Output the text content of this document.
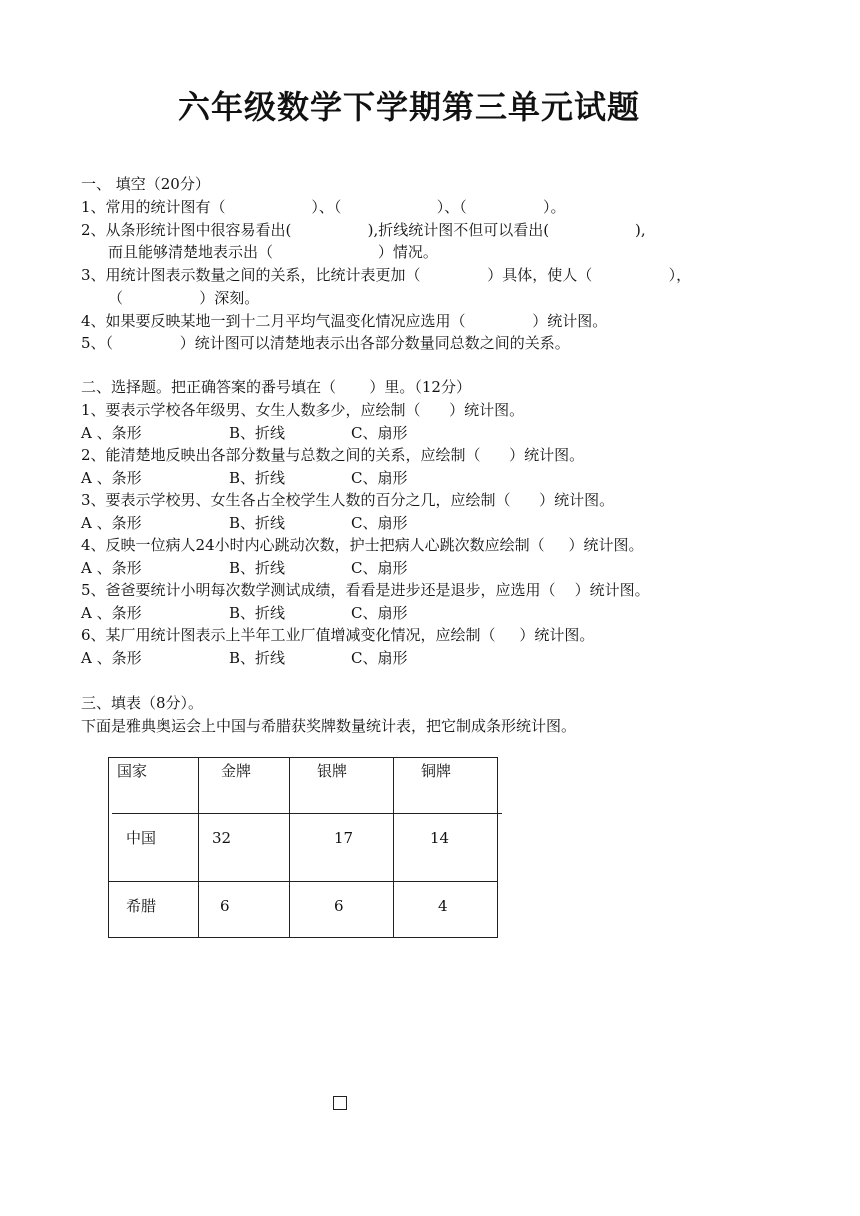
六年级数学下学期第三单元试题
一、 填空（20分）
1、常用的统计图有（                  ）、（                    ）、（                ）。
2、从条形统计图中很容易看出(                ),折线统计图不但可以看出(                  ),
而且能够清楚地表示出（                      ）情况。
3、用统计图表示数量之间的关系，比统计表更加（              ）具体，使人（                ），
（                ）深刻。
4、如果要反映某地一到十二月平均气温变化情况应选用（              ）统计图。
5、（              ）统计图可以清楚地表示出各部分数量同总数之间的关系。
二、选择题。把正确答案的番号填在（       ）里。（12分）
1、要表示学校各年级男、女生人数多少，应绘制（      ）统计图。
A 、条形	B、折线	C、扇形
2、能清楚地反映出各部分数量与总数之间的关系，应绘制（      ）统计图。
A 、条形	B、折线	C、扇形
3、要表示学校男、女生各占全校学生人数的百分之几，应绘制（      ）统计图。
A 、条形	B、折线	C、扇形
4、反映一位病人24小时内心跳动次数，护士把病人心跳次数应绘制（     ）统计图。
A 、条形	B、折线	C、扇形
5、爸爸要统计小明每次数学测试成绩，看看是进步还是退步，应选用（    ）统计图。
A 、条形	B、折线	C、扇形
6、某厂用统计图表示上半年工业厂值增减变化情况，应绘制（     ）统计图。
A 、条形	B、折线	C、扇形
三、填表（8分）。
下面是雅典奥运会上中国与希腊获奖牌数量统计表，把它制成条形统计图。
国家	金牌	银牌	铜牌
中国	32	17	14
希腊	6	6	4
